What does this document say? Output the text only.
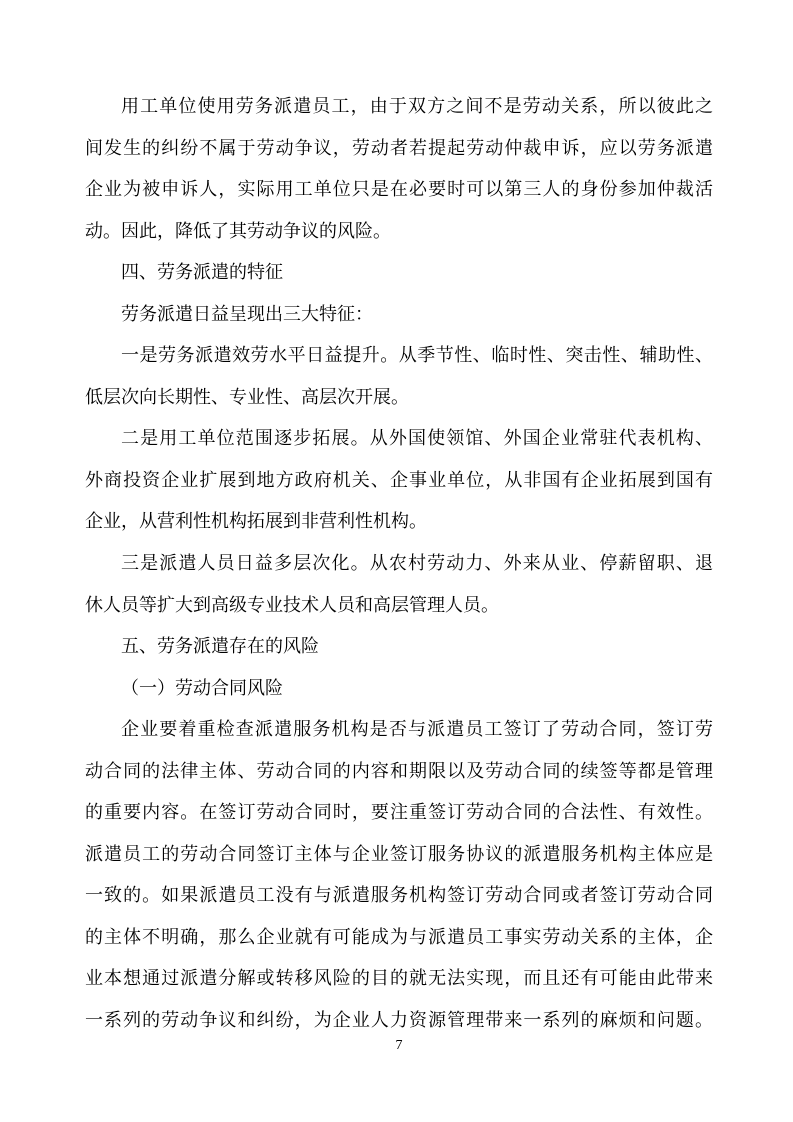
用工单位使用劳务派遣员工，由于双方之间不是劳动关系，所以彼此之
间发生的纠纷不属于劳动争议，劳动者若提起劳动仲裁申诉，应以劳务派遣
企业为被申诉人，实际用工单位只是在必要时可以第三人的身份参加仲裁活
动。因此，降低了其劳动争议的风险。
四、劳务派遣的特征
劳务派遣日益呈现出三大特征：
一是劳务派遣效劳水平日益提升。从季节性、临时性、突击性、辅助性、
低层次向长期性、专业性、高层次开展。
二是用工单位范围逐步拓展。从外国使领馆、外国企业常驻代表机构、
外商投资企业扩展到地方政府机关、企事业单位，从非国有企业拓展到国有
企业，从营利性机构拓展到非营利性机构。
三是派遣人员日益多层次化。从农村劳动力、外来从业、停薪留职、退
休人员等扩大到高级专业技术人员和高层管理人员。
五、劳务派遣存在的风险
（一）劳动合同风险
企业要着重检查派遣服务机构是否与派遣员工签订了劳动合同，签订劳
动合同的法律主体、劳动合同的内容和期限以及劳动合同的续签等都是管理
的重要内容。在签订劳动合同时，要注重签订劳动合同的合法性、有效性。
派遣员工的劳动合同签订主体与企业签订服务协议的派遣服务机构主体应是
一致的。如果派遣员工没有与派遣服务机构签订劳动合同或者签订劳动合同
的主体不明确，那么企业就有可能成为与派遣员工事实劳动关系的主体，企
业本想通过派遣分解或转移风险的目的就无法实现，而且还有可能由此带来
一系列的劳动争议和纠纷，为企业人力资源管理带来一系列的麻烦和问题。
7
